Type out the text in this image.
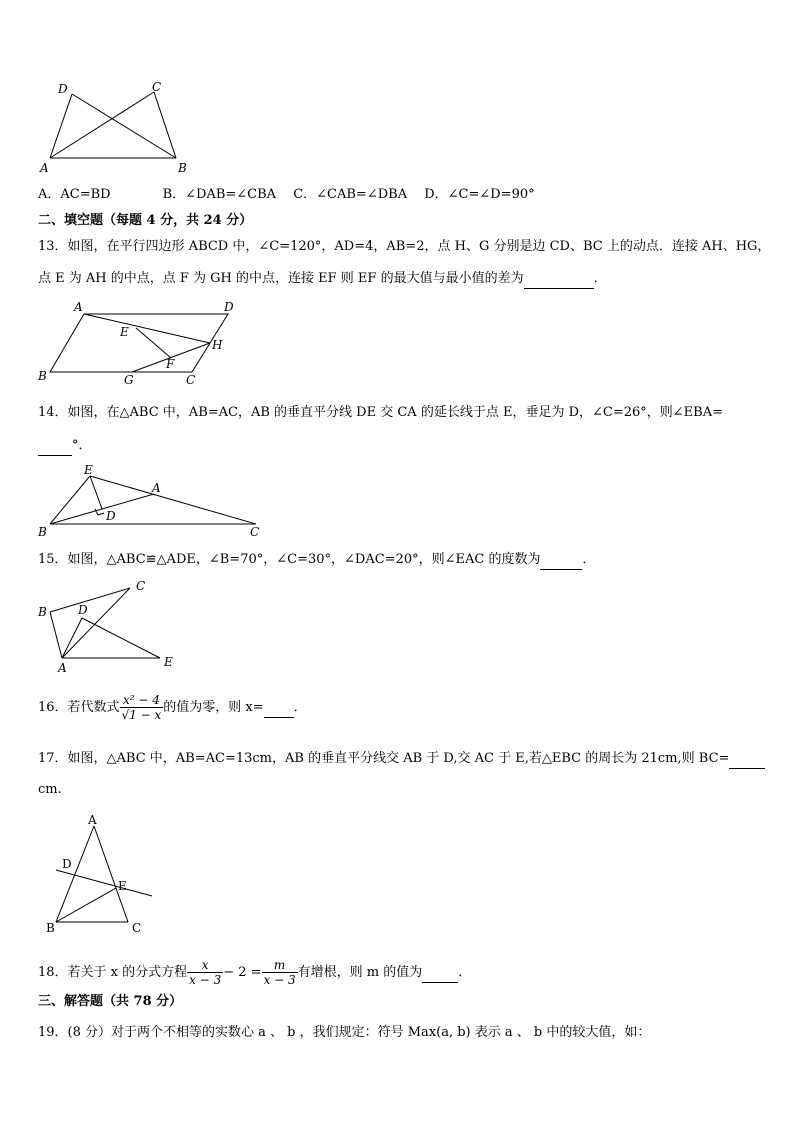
D	C
A	B
A．AC=BD　　　　B．∠DAB=∠CBA　 C．∠CAB=∠DBA　 D．∠C=∠D=90°
二、填空题（每题 4 分，共 24 分）
13．如图，在平行四边形 ABCD 中，∠C=120°，AD=4，AB=2，点 H、G 分别是边 CD、BC 上的动点．连接 AH、HG，
点 E 为 AH 的中点，点 F 为 GH 的中点，连接 EF 则 EF 的最大值与最小值的差为	．
A	D
E
H
F
B	G	C
14．如图，在△ABC 中，AB=AC，AB 的垂直平分线 DE 交 CA 的延长线于点 E，垂足为 D，∠C=26°，则∠EBA=
°．
E
A
D
B	C
15．如图，△ABC≌△ADE，∠B=70°，∠C=30°，∠DAC=20°，则∠EAC 的度数为	．
C
B	D
A	E
16．若代数式 $\frac{\text{x² − 4}}{√1 - x}$ 的值为零，则 x= ．
17．如图，△ABC 中，AB=AC=13cm，AB 的垂直平分线交 AB 于 D,交 AC 于 E,若△EBC 的周长为 21cm,则 BC=
cm.
A
D
E
B	C
18．若关于 x 的分式方程 $\frac{x}{x - 3} - 2 = \frac{m}{x - 3}$ 有增根，则 m 的值为	．
三、解答题（共 78 分）
19．(8 分）对于两个不相等的实数心 a 、 b ，我们规定：符号 Max(a, b) 表示 a 、 b 中的较大值，如：
